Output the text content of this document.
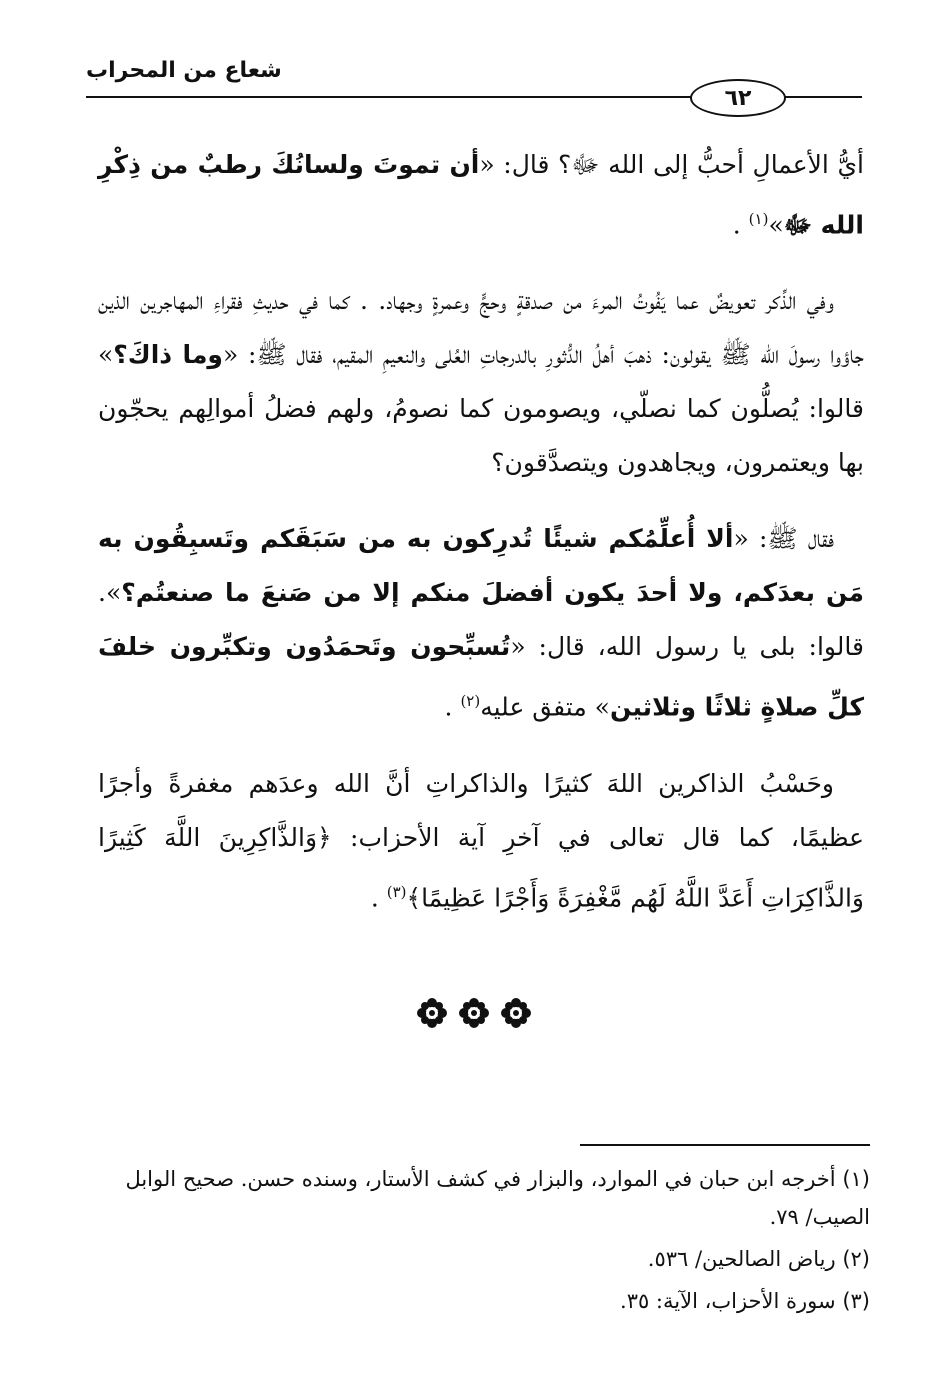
شعاع من المحراب
٦٢

أيُّ الأعمالِ أحبُّ إلى الله ﷻ؟ قال: «أن تموتَ ولسانُكَ رطبٌ من ذِكْرِ الله ﷻ»$^{(١)}$ .

وفي الذِّكر تعويضٌ عما يَفُوتُ المرءَ من صدقةٍ وحجٍّ وعمرةٍ وجهاد. . كما في حديثِ فقراءِ المهاجرين الذين جاؤوا رسولَ الله ﷺ يقولون: ذهبَ أهلُ الدُّثورِ بالدرجاتِ العُلى والنعيمِ المقيم، فقال ﷺ: «وما ذاكَ؟» قالوا: يُصلُّون كما نصلّي، ويصومون كما نصومُ، ولهم فضلُ أموالِهم يحجّون بها ويعتمرون، ويجاهدون ويتصدَّقون؟

فقال ﷺ: «ألا أُعلِّمُكم شيئًا تُدرِكون به من سَبَقَكم وتَسبِقُون به مَن بعدَكم، ولا أحدَ يكون أفضلَ منكم إلا من صَنعَ ما صنعتُم؟». قالوا: بلى يا رسول الله، قال: «تُسبِّحون وتَحمَدُون وتكبِّرون خلفَ كلِّ صلاةٍ ثلاثًا وثلاثين» متفق عليه$^{(٢)}$ .

وحَسْبُ الذاكرين اللهَ كثيرًا والذاكراتِ أنَّ الله وعدَهم مغفرةً وأجرًا عظيمًا، كما قال تعالى في آخرِ آية الأحزاب: ﴿وَالذَّاكِرِينَ اللَّهَ كَثِيرًا وَالذَّاكِرَاتِ أَعَدَّ اللَّهُ لَهُم مَّغْفِرَةً وَأَجْرًا عَظِيمًا﴾$^{(٣)}$ .

(١) أخرجه ابن حبان في الموارد، والبزار في كشف الأستار، وسنده حسن. صحيح الوابل الصيب/ ٧٩.

(٢) رياض الصالحين/ ٥٣٦.

(٣) سورة الأحزاب، الآية: ٣٥.
